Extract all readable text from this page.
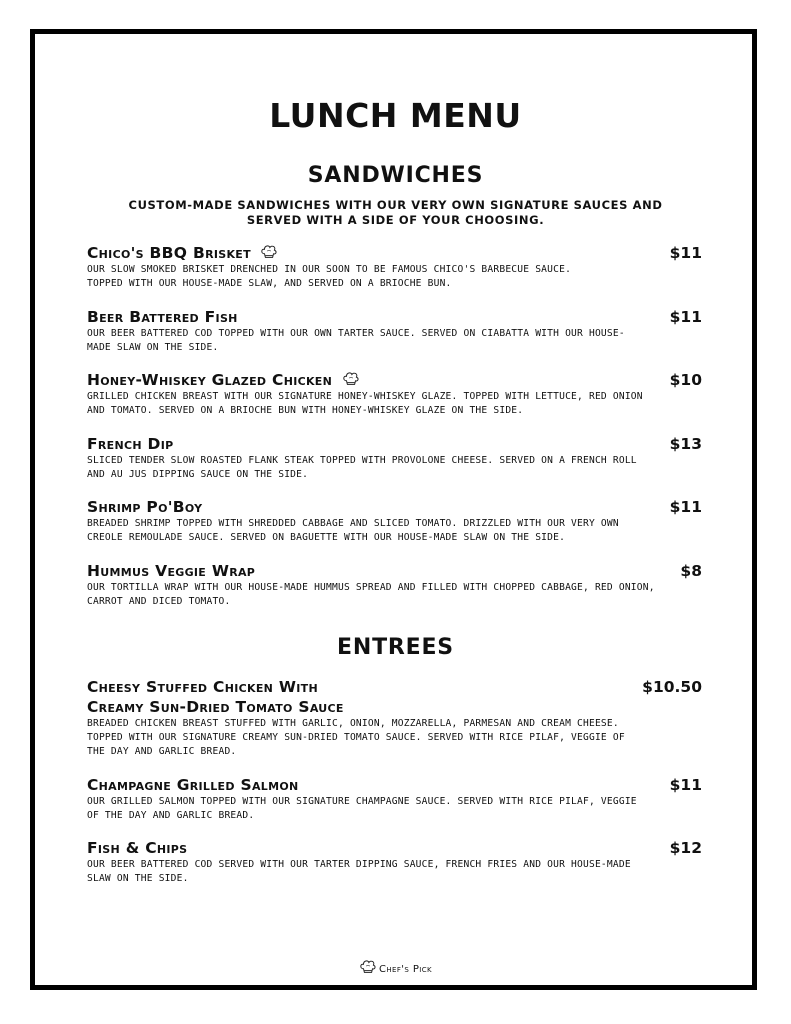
LUNCH MENU
SANDWICHES
CUSTOM-MADE SANDWICHES WITH OUR VERY OWN SIGNATURE SAUCES AND SERVED WITH A SIDE OF YOUR CHOOSING.
Chico's BBQ Brisket	$11
OUR SLOW SMOKED BRISKET DRENCHED IN OUR SOON TO BE FAMOUS CHICO'S BARBECUE SAUCE.
TOPPED WITH OUR HOUSE-MADE SLAW, AND SERVED ON A BRIOCHE BUN.
Beer Battered Fish	$11
OUR BEER BATTERED COD TOPPED WITH OUR OWN TARTER SAUCE. SERVED ON CIABATTA WITH OUR HOUSE-
MADE SLAW ON THE SIDE.
Honey-Whiskey Glazed Chicken	$10
GRILLED CHICKEN BREAST WITH OUR SIGNATURE HONEY-WHISKEY GLAZE. TOPPED WITH LETTUCE, RED ONION
AND TOMATO. SERVED ON A BRIOCHE BUN WITH HONEY-WHISKEY GLAZE ON THE SIDE.
French Dip	$13
SLICED TENDER SLOW ROASTED FLANK STEAK TOPPED WITH PROVOLONE CHEESE. SERVED ON A FRENCH ROLL
AND AU JUS DIPPING SAUCE ON THE SIDE.
Shrimp Po'Boy	$11
BREADED SHRIMP TOPPED WITH SHREDDED CABBAGE AND SLICED TOMATO. DRIZZLED WITH OUR VERY OWN
CREOLE REMOULADE SAUCE. SERVED ON BAGUETTE WITH OUR HOUSE-MADE SLAW ON THE SIDE.
Hummus Veggie Wrap	$8
OUR TORTILLA WRAP WITH OUR HOUSE-MADE HUMMUS SPREAD AND FILLED WITH CHOPPED CABBAGE, RED ONION,
CARROT AND DICED TOMATO.
ENTREES
Cheesy Stuffed Chicken With
Creamy Sun-Dried Tomato Sauce
$10.50
BREADED CHICKEN BREAST STUFFED WITH GARLIC, ONION, MOZZARELLA, PARMESAN AND CREAM CHEESE.
TOPPED WITH OUR SIGNATURE CREAMY SUN-DRIED TOMATO SAUCE. SERVED WITH RICE PILAF, VEGGIE OF
THE DAY AND GARLIC BREAD.
Champagne Grilled Salmon	$11
OUR GRILLED SALMON TOPPED WITH OUR SIGNATURE CHAMPAGNE SAUCE. SERVED WITH RICE PILAF, VEGGIE
OF THE DAY AND GARLIC BREAD.
Fish & Chips	$12
OUR BEER BATTERED COD SERVED WITH OUR TARTER DIPPING SAUCE, FRENCH FRIES AND OUR HOUSE-MADE
SLAW ON THE SIDE.
Chef's Pick
